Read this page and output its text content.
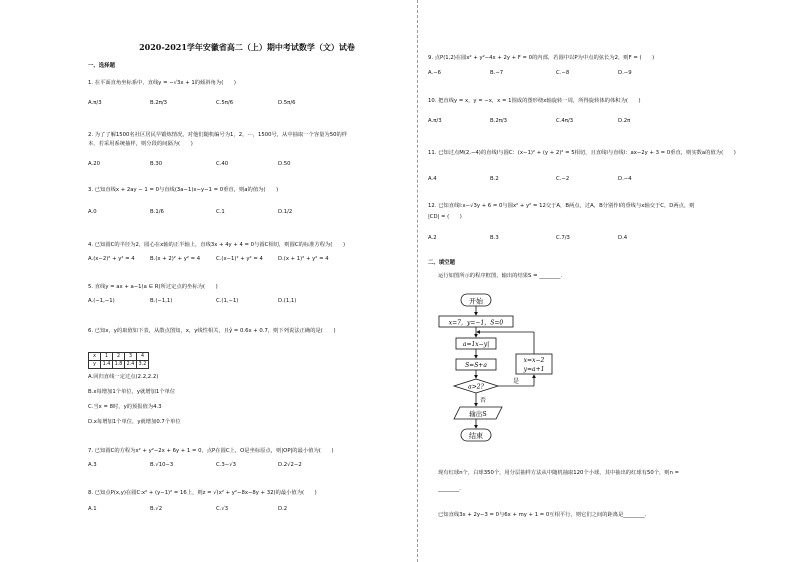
2020-2021学年安徽省高二（上）期中考试数学（文）试卷
一、选择题
1. 在平面直角坐标系中，直线y = −√3x + 1的倾斜角为(　　)
A.π/3	B.2π/3	C.5π/6	D.5π/6
2. 为了了解1500名社区居民早锻炼情况，对他们随机编号为1，2，⋯，1500号，从中抽取一个容量为50的样
本，若采用系统抽样，则分段的间隔为(　　)
A.20	B.30	C.40	D.50
3. 已知直线x + 2ay − 1 = 0与直线(3a−1)x−y−1 = 0垂直，则a的值为(　　)
A.0	B.1/6	C.1	D.1/2
4. 已知圆C的半径为2，圆心在x轴的正半轴上，直线3x + 4y + 4 = 0与圆C相切，则圆C的标准方程为(　　)
A.(x−2)² + y² = 4	B.(x + 2)² + y² = 4	C.(x−1)² + y² = 4	D.(x + 1)² + y² = 4
5. 直线y = ax + a−1(a ∈ R)所过定点的坐标为(　　)
A.(−1,−1)	B.(−1,1)	C.(1,−1)	D.(1,1)
6. 已知x，y的取值如下表，从散点图知，x，y线性相关，且ŷ = 0.6x + 0.7，则下列说法正确的是(　　)
x	1	2	3	4
y	1.4	1.8	2.4	3.2
A.回归直线一定过点(2.2,2.2)
B.x每增加1个单位，y就增加1个单位
C.当x = 8时，y的预报值为4.3
D.x每增加1个单位，y就增加0.7个单位
7. 已知圆C的方程为x² + y²−2x + 6y + 1 = 0，点P在圆C上，O是坐标原点，则|OP|的最小值为(　　)
A.3	B.√10−3	C.3−√3	D.2√2−2
8. 已知点P(x,y)在圆C:x² + (y−1)² = 16上，则z = √(x² + y²−8x−8y + 32)的最小值为(　　)
A.1	B.√2	C.√3	D.2
9. 点P(1,2)在圆x² + y²−4x + 2y + F = 0的内部，若圆中以P为中点的弦长为2，则F = (　　)
A.−6	B.−7	C.−8	D.−9
10. 把直线y = x，y = −x，x = 1围成的图形绕x轴旋转一周，所得旋转体的体积为(　　)
A.π/3	B.2π/3	C.4π/3	D.2π
11. 已知过点M(2,−4)的直线l与圆C：(x−1)² + (y + 2)² = 5相切，且直线l与直线l：ax−2y + 3 = 0垂直，则实数a的值为(　　)
A.4	B.2	C.−2	D.−4
12. 已知直线l:x−√3y + 6 = 0与圆x² + y² = 12交于A，B两点，过A，B分别作l的垂线与x轴交于C，D两点，则
|CD| = (　　)
A.2	B.3	C.7/3	D.4
二、填空题
运行如图所示的程序框图，输出的结果S = ________.
开始
x=7，y=−1，S=0
a=1x−y|
S=S+a
a>2?
是
x=x−2
y=a+1
否
输出S
结束
现有红球n个，白球350个，用分层抽样方法从中随机抽取120个小球，其中抽出的红球有50个，则n =
________.
已知直线3x + 2y−3 = 0与6x + my + 1 = 0互相平行，则它们之间的距离是________.
